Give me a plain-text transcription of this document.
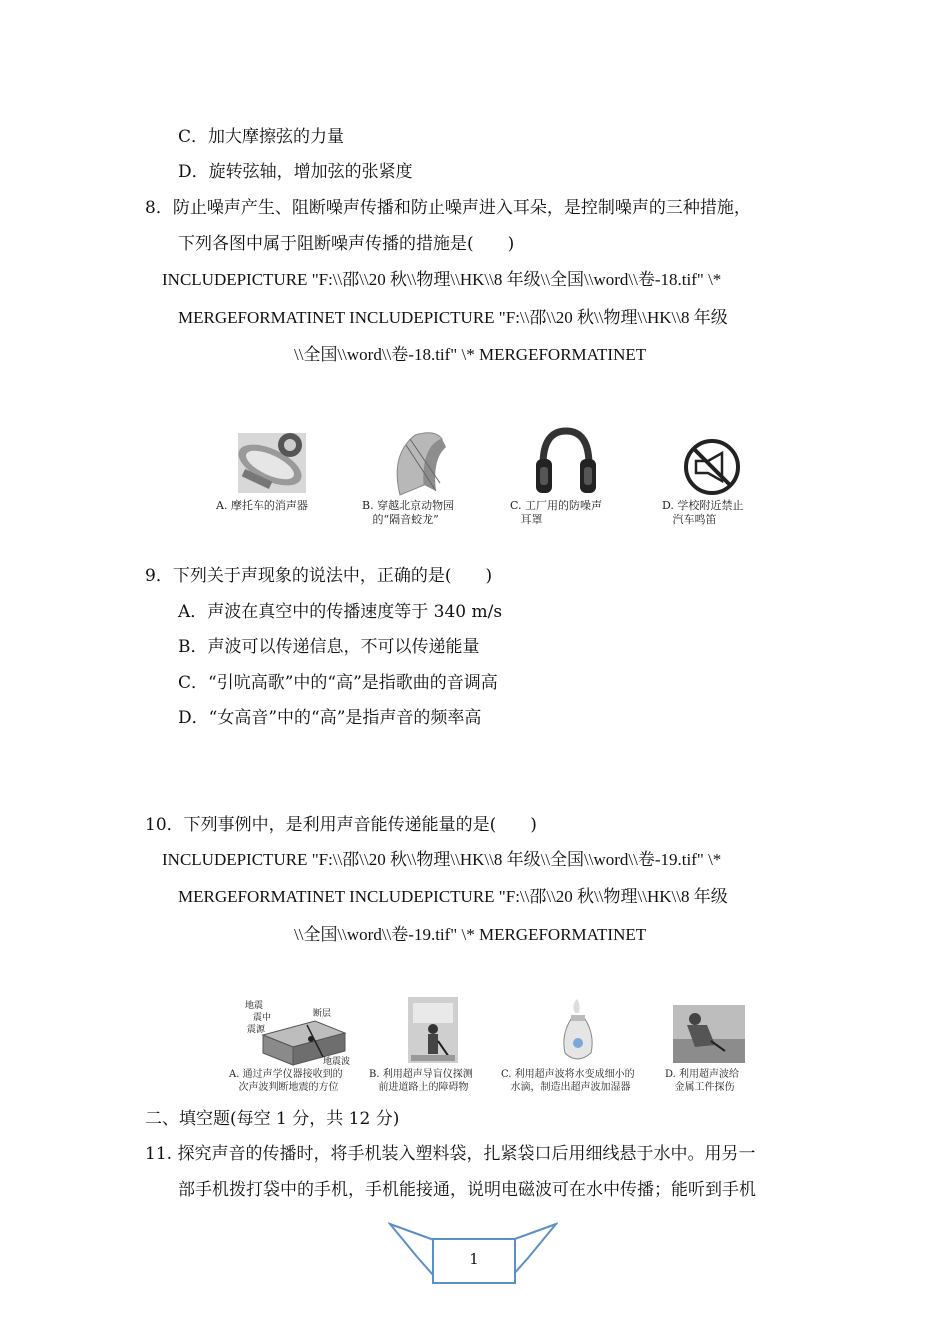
C．加大摩擦弦的力量
D．旋转弦轴，增加弦的张紧度
8．防止噪声产生、阻断噪声传播和防止噪声进入耳朵，是控制噪声的三种措施，
下列各图中属于阻断噪声传播的措施是(　　)
INCLUDEPICTURE "F:\\邵\\20 秋\\物理\\HK\\8 年级\\全国\\word\\卷-18.tif" \*
MERGEFORMATINET INCLUDEPICTURE "F:\\邵\\20 秋\\物理\\HK\\8 年级
\\全国\\word\\卷-18.tif" \* MERGEFORMATINET
A. 摩托车的消声器	B. 穿越北京动物园
的“隔音蛟龙”
C. 工厂用的防噪声
耳罩
D. 学校附近禁止
汽车鸣笛
9．下列关于声现象的说法中，正确的是(　　)
A．声波在真空中的传播速度等于 340 m/s
B．声波可以传递信息，不可以传递能量
C．“引吭高歌”中的“高”是指歌曲的音调高
D．“女高音”中的“高”是指声音的频率高
10．下列事例中，是利用声音能传递能量的是(　　)
INCLUDEPICTURE "F:\\邵\\20 秋\\物理\\HK\\8 年级\\全国\\word\\卷-19.tif" \*
MERGEFORMATINET INCLUDEPICTURE "F:\\邵\\20 秋\\物理\\HK\\8 年级
\\全国\\word\\卷-19.tif" \* MERGEFORMATINET
地震
震中
震源
断层
地震波
A. 通过声学仪器接收到的
次声波判断地震的方位
B. 利用超声导盲仪探测
前进道路上的障碍物
C. 利用超声波将水变成细小的
水滴，制造出超声波加湿器
D. 利用超声波给
金属工件探伤
二、填空题(每空 1 分，共 12 分)
11. 探究声音的传播时，将手机装入塑料袋，扎紧袋口后用细线悬于水中。用另一
部手机拨打袋中的手机，手机能接通，说明电磁波可在水中传播；能听到手机
1
